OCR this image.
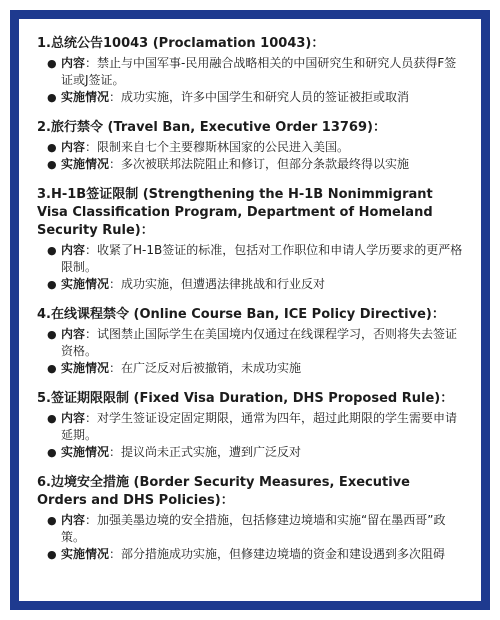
1.总统公告10043 (Proclamation 10043)：
● 内容：禁止与中国军事-民用融合战略相关的中国研究生和研究人员获得F签证或J签证。
● 实施情况：成功实施，许多中国学生和研究人员的签证被拒或取消
2.旅行禁令 (Travel Ban, Executive Order 13769)：
● 内容：限制来自七个主要穆斯林国家的公民进入美国。
● 实施情况：多次被联邦法院阻止和修订，但部分条款最终得以实施
3.H-1B签证限制 (Strengthening the H-1B Nonimmigrant Visa Classification Program, Department of Homeland Security Rule)：
● 内容：收紧了H-1B签证的标准，包括对工作职位和申请人学历要求的更严格限制。
● 实施情况：成功实施，但遭遇法律挑战和行业反对
4.在线课程禁令 (Online Course Ban, ICE Policy Directive)：
● 内容：试图禁止国际学生在美国境内仅通过在线课程学习，否则将失去签证资格。
● 实施情况：在广泛反对后被撤销，未成功实施
5.签证期限限制 (Fixed Visa Duration, DHS Proposed Rule)：
● 内容：对学生签证设定固定期限，通常为四年，超过此期限的学生需要申请延期。
● 实施情况：提议尚未正式实施，遭到广泛反对
6.边境安全措施 (Border Security Measures, Executive Orders and DHS Policies)：
● 内容：加强美墨边境的安全措施，包括修建边境墙和实施“留在墨西哥”政策。
● 实施情况：部分措施成功实施，但修建边境墙的资金和建设遇到多次阻碍
